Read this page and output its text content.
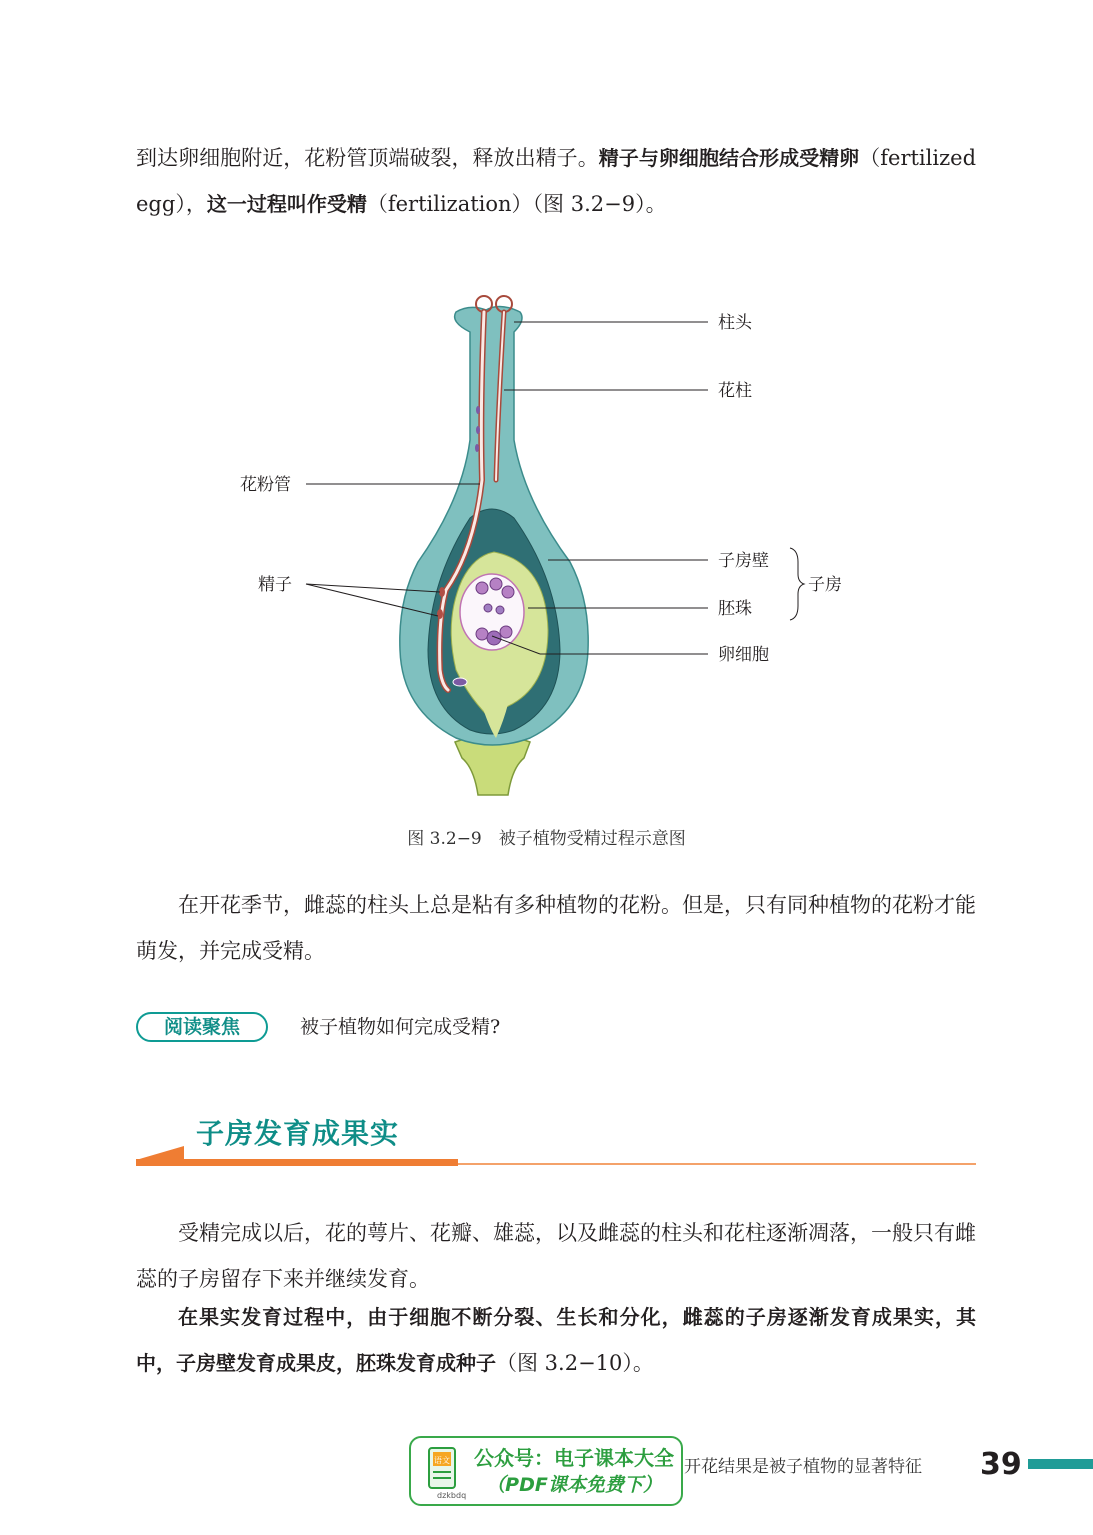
到达卵细胞附近，花粉管顶端破裂，释放出精子。精子与卵细胞结合形成受精卵（fertilized egg），这一过程叫作受精（fertilization）（图 3.2−9）。

柱头
花柱
花粉管
子房壁
子房
精子
胚珠
卵细胞
图 3.2−9　被子植物受精过程示意图

在开花季节，雌蕊的柱头上总是粘有多种植物的花粉。但是，只有同种植物的花粉才能萌发，并完成受精。

阅读聚焦	被子植物如何完成受精?
子房发育成果实

受精完成以后，花的萼片、花瓣、雄蕊，以及雌蕊的柱头和花柱逐渐凋落，一般只有雌蕊的子房留存下来并继续发育。

在果实发育过程中，由于细胞不断分裂、生长和分化，雌蕊的子房逐渐发育成果实，其中，子房壁发育成果皮，胚珠发育成种子（图 3.2−10）。

开花结果是被子植物的显著特征 39
语文
dzkbdq
公众号：电子课本大全
（PDF课本免费下）
